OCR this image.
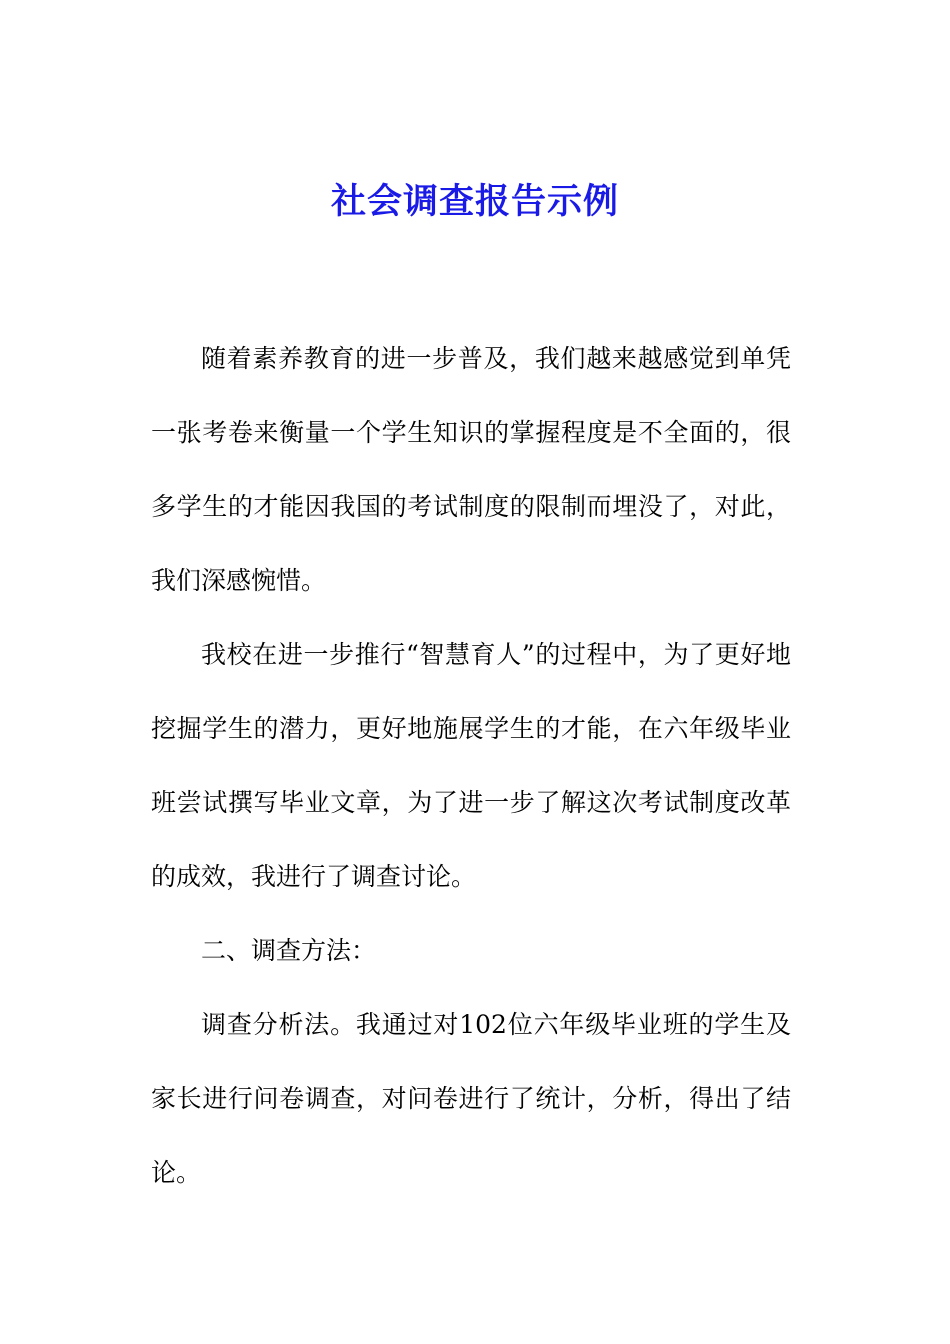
社会调查报告示例

随着素养教育的进一步普及，我们越来越感觉到单凭一张考卷来衡量一个学生知识的掌握程度是不全面的，很多学生的才能因我国的考试制度的限制而埋没了，对此，我们深感惋惜。

我校在进一步推行“智慧育人”的过程中，为了更好地挖掘学生的潜力，更好地施展学生的才能，在六年级毕业班尝试撰写毕业文章，为了进一步了解这次考试制度改革的成效，我进行了调查讨论。

二、调查方法：

调查分析法。我通过对102位六年级毕业班的学生及家长进行问卷调查，对问卷进行了统计，分析，得出了结论。
